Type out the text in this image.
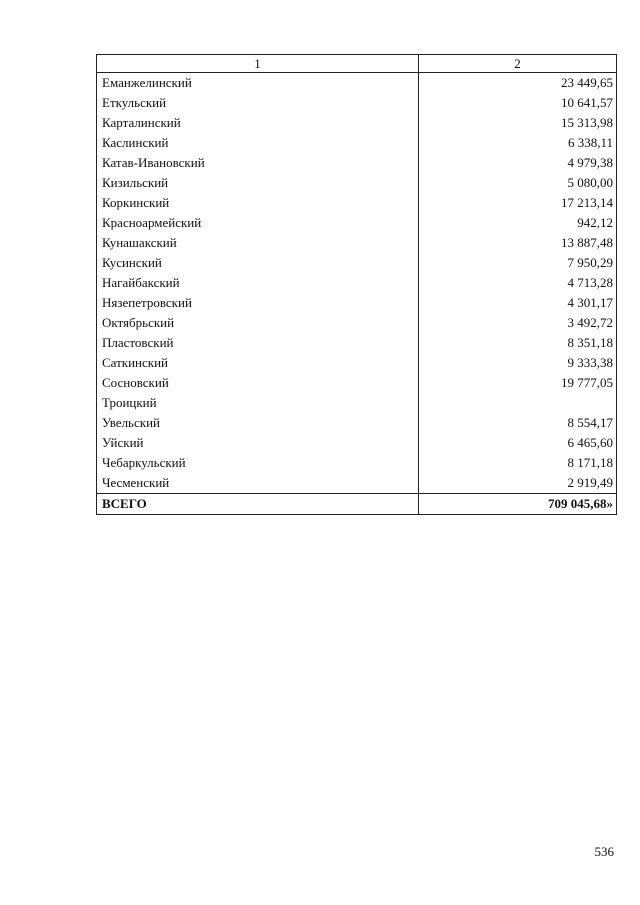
1	2
Еманжелинский	23 449,65
Еткульский	10 641,57
Карталинский	15 313,98
Каслинский	6 338,11
Катав-Ивановский	4 979,38
Кизильский	5 080,00
Коркинский	17 213,14
Красноармейский	942,12
Кунашакский	13 887,48
Кусинский	7 950,29
Нагайбакский	4 713,28
Нязепетровский	4 301,17
Октябрьский	3 492,72
Пластовский	8 351,18
Саткинский	9 333,38
Сосновский	19 777,05
Троицкий	
Увельский	8 554,17
Уйский	6 465,60
Чебаркульский	8 171,18
Чесменский	2 919,49
ВСЕГО	709 045,68»
536
